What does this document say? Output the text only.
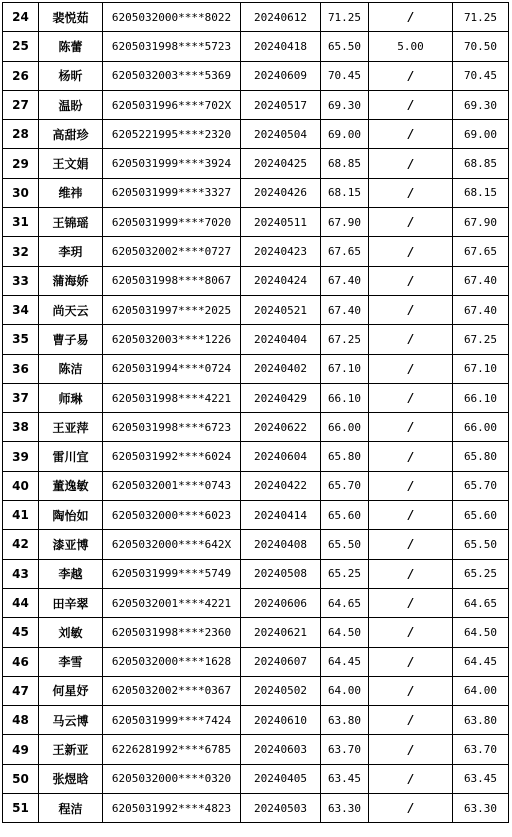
24	裴悦茹	6205032000****8022	20240612	71.25	/	71.25
25	陈蕾	6205031998****5723	20240418	65.50	5.00	70.50
26	杨昕	6205032003****5369	20240609	70.45	/	70.45
27	温盼	6205031996****702X	20240517	69.30	/	69.30
28	高甜珍	6205221995****2320	20240504	69.00	/	69.00
29	王文娟	6205031999****3924	20240425	68.85	/	68.85
30	维祎	6205031999****3327	20240426	68.15	/	68.15
31	王锦瑶	6205031999****7020	20240511	67.90	/	67.90
32	李玥	6205032002****0727	20240423	67.65	/	67.65
33	蒲海娇	6205031998****8067	20240424	67.40	/	67.40
34	尚天云	6205031997****2025	20240521	67.40	/	67.40
35	曹子易	6205032003****1226	20240404	67.25	/	67.25
36	陈洁	6205031994****0724	20240402	67.10	/	67.10
37	师琳	6205031998****4221	20240429	66.10	/	66.10
38	王亚萍	6205031998****6723	20240622	66.00	/	66.00
39	雷川宜	6205031992****6024	20240604	65.80	/	65.80
40	董逸敏	6205032001****0743	20240422	65.70	/	65.70
41	陶怡如	6205032000****6023	20240414	65.60	/	65.60
42	漆亚博	6205032000****642X	20240408	65.50	/	65.50
43	李越	6205031999****5749	20240508	65.25	/	65.25
44	田辛翠	6205032001****4221	20240606	64.65	/	64.65
45	刘敏	6205031998****2360	20240621	64.50	/	64.50
46	李雪	6205032000****1628	20240607	64.45	/	64.45
47	何星妤	6205032002****0367	20240502	64.00	/	64.00
48	马云博	6205031999****7424	20240610	63.80	/	63.80
49	王新亚	6226281992****6785	20240603	63.70	/	63.70
50	张煜晗	6205032000****0320	20240405	63.45	/	63.45
51	程洁	6205031992****4823	20240503	63.30	/	63.30
